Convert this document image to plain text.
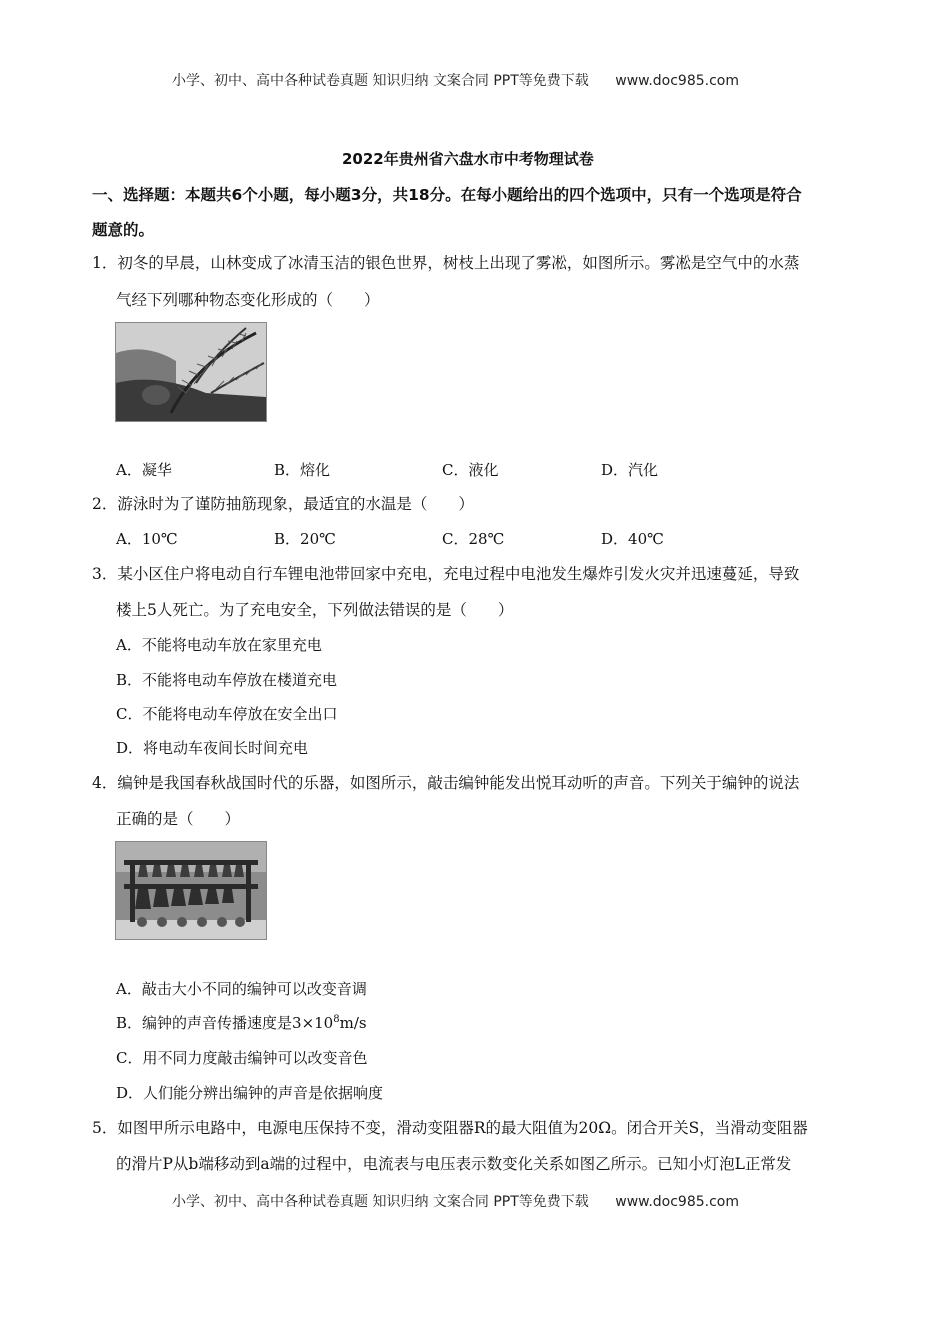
小学、初中、高中各种试卷真题 知识归纳 文案合同 PPT等免费下载 www.doc985.com
2022年贵州省六盘水市中考物理试卷
一、选择题：本题共6个小题，每小题3分，共18分。在每小题给出的四个选项中，只有一个选项是符合
题意的。
1．初冬的早晨，山林变成了冰清玉洁的银色世界，树枝上出现了雾凇，如图所示。雾凇是空气中的水蒸
气经下列哪种物态变化形成的（　　）
A．凝华	B．熔化	C．液化	D．汽化
2．游泳时为了谨防抽筋现象，最适宜的水温是（　　）
A．10℃	B．20℃	C．28℃	D．40℃
3．某小区住户将电动自行车锂电池带回家中充电，充电过程中电池发生爆炸引发火灾并迅速蔓延，导致
楼上5人死亡。为了充电安全，下列做法错误的是（　　）
A．不能将电动车放在家里充电
B．不能将电动车停放在楼道充电
C．不能将电动车停放在安全出口
D．将电动车夜间长时间充电
4．编钟是我国春秋战国时代的乐器，如图所示，敲击编钟能发出悦耳动听的声音。下列关于编钟的说法
正确的是（　　）
A．敲击大小不同的编钟可以改变音调
B．编钟的声音传播速度是$3\times 10^8m/s$
C．用不同力度敲击编钟可以改变音色
D．人们能分辨出编钟的声音是依据响度
5．如图甲所示电路中，电源电压保持不变，滑动变阻器R的最大阻值为20Ω。闭合开关S，当滑动变阻器
的滑片P从b端移动到a端的过程中，电流表与电压表示数变化关系如图乙所示。已知小灯泡L正常发
小学、初中、高中各种试卷真题 知识归纳 文案合同 PPT等免费下载 www.doc985.com
